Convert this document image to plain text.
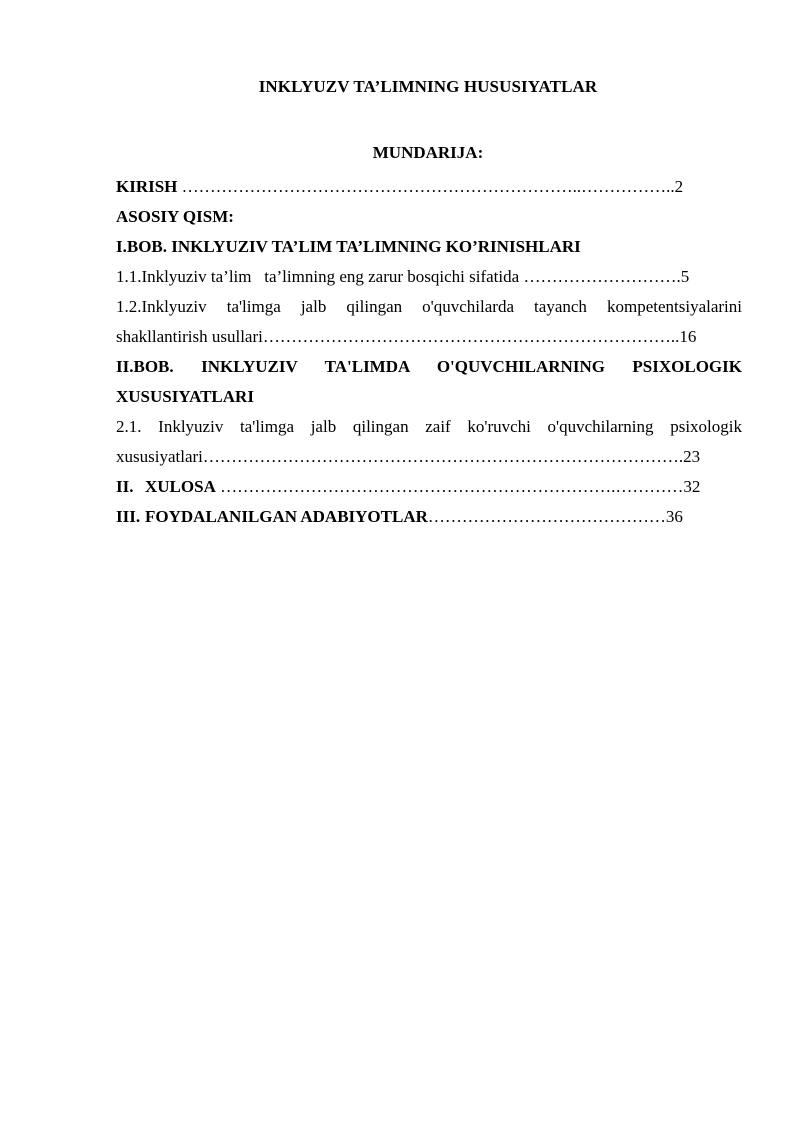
INKLYUZV TA’LIMNING HUSUSIYATLAR
MUNDARIJA:
KIRISH ……………………………………………………………..……………..2
ASOSIY QISM:
I.BOB. INKLYUZIV TA’LIM TA’LIMNING KO’RINISHLARI
1.1.Inklyuziv ta’lim   ta’limning eng zarur bosqichi sifatida ……………………….5
1.2.Inklyuziv ta'limga jalb qilingan o'quvchilarda tayanch kompetentsiyalarini
shakllantirish usullari………………………………………………………………..16
II.BOB. INKLYUZIV TA'LIMDA O'QUVCHILARNING PSIXOLOGIK
XUSUSIYATLARI
2.1. Inklyuziv ta'limga jalb qilingan zaif ko'ruvchi o'quvchilarning psixologik
xususiyatlari………………………………………………………………………….23
II. XULOSA …………………………………………………………….…………32
III. FOYDALANILGAN ADABIYOTLAR……………………………………36
